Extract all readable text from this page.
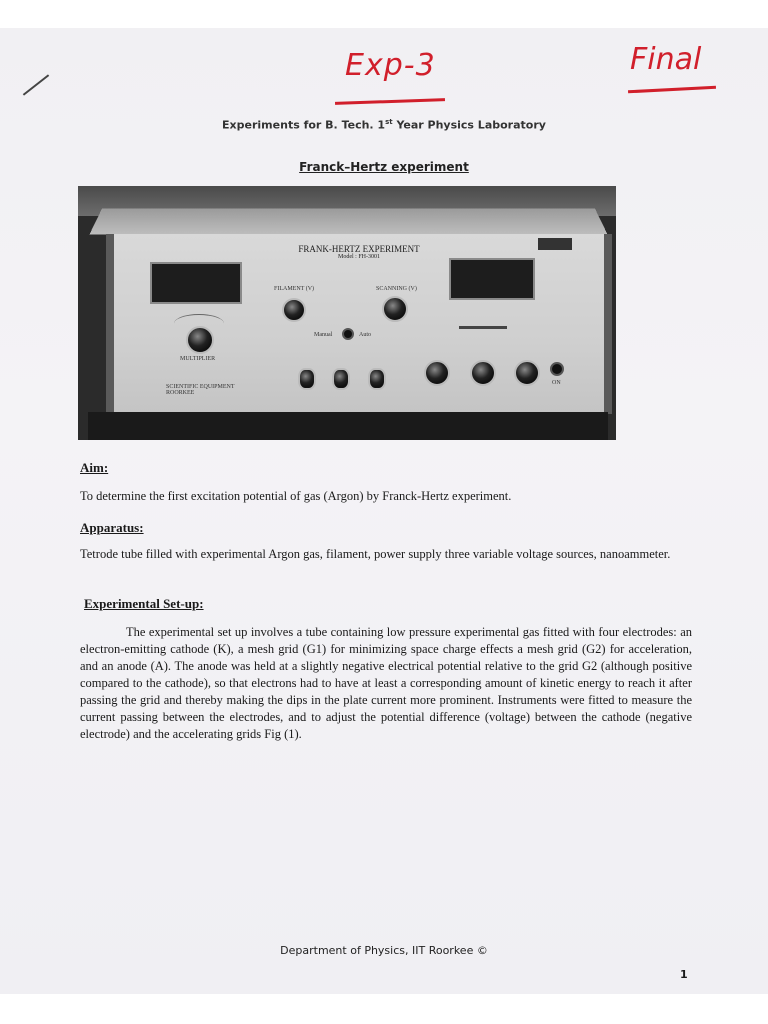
Exp-3	Final
Experiments for B. Tech. 1st Year Physics Laboratory
Franck–Hertz experiment
FRANK-HERTZ EXPERIMENT
Model : FH-3001
FILAMENT (V)	SCANNING (V)
Manual	Auto
MULTIPLIER
ON
SCIENTIFIC EQUIPMENT ROORKEE
Aim:
To determine the first excitation potential of gas (Argon) by Franck-Hertz experiment.
Apparatus:
Tetrode tube filled with experimental Argon gas, filament, power supply three variable voltage sources, nanoammeter.
Experimental Set-up:
The experimental set up involves a tube containing low pressure experimental gas fitted with four electrodes: an electron-emitting cathode (K), a mesh grid (G1) for minimizing space charge effects a mesh grid (G2) for acceleration, and an anode (A). The anode was held at a slightly negative electrical potential relative to the grid G2 (although positive compared to the cathode), so that electrons had to have at least a corresponding amount of kinetic energy to reach it after passing the grid and thereby making the dips in the plate current more prominent. Instruments were fitted to measure the current passing between the electrodes, and to adjust the potential difference (voltage) between the cathode (negative electrode) and the accelerating grids Fig (1).
Department of Physics, IIT Roorkee ©
1
